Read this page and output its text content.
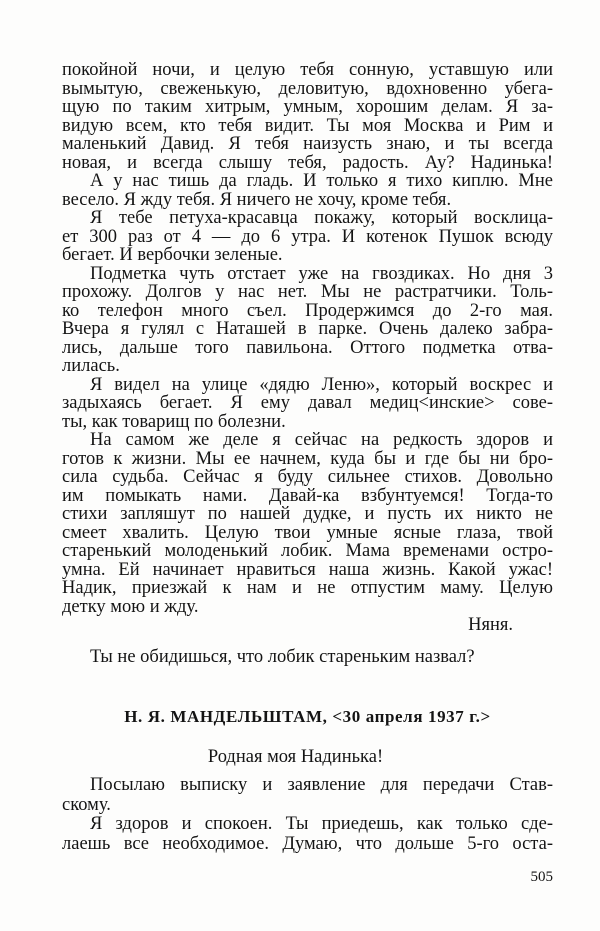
покойной ночи, и целую тебя сонную, уставшую или
вымытую, свеженькую, деловитую, вдохновенно убега-
щую по таким хитрым, умным, хорошим делам. Я за-
видую всем, кто тебя видит. Ты моя Москва и Рим и
маленький Давид. Я тебя наизусть знаю, и ты всегда
новая, и всегда слышу тебя, радость. Ау? Надинька!
А у нас тишь да гладь. И только я тихо киплю. Мне
весело. Я жду тебя. Я ничего не хочу, кроме тебя.
Я тебе петуха-красавца покажу, который восклица-
ет 300 раз от 4 — до 6 утра. И котенок Пушок всюду
бегает. И вербочки зеленые.
Подметка чуть отстает уже на гвоздиках. Но дня 3
прохожу. Долгов у нас нет. Мы не растратчики. Толь-
ко телефон много съел. Продержимся до 2-го мая.
Вчера я гулял с Наташей в парке. Очень далеко забра-
лись, дальше того павильона. Оттого подметка отва-
лилась.
Я видел на улице «дядю Леню», который воскрес и
задыхаясь бегает. Я ему давал медиц<инские> сове-
ты, как товарищ по болезни.
На самом же деле я сейчас на редкость здоров и
готов к жизни. Мы ее начнем, куда бы и где бы ни бро-
сила судьба. Сейчас я буду сильнее стихов. Довольно
им помыкать нами. Давай-ка взбунтуемся! Тогда-то
стихи запляшут по нашей дудке, и пусть их никто не
смеет хвалить. Целую твои умные ясные глаза, твой
старенький молоденький лобик. Мама временами остро-
умна. Ей начинает нравиться наша жизнь. Какой ужас!
Надик, приезжай к нам и не отпустим маму. Целую
детку мою и жду.
Няня.
Ты не обидишься, что лобик стареньким назвал?
Н. Я. МАНДЕЛЬШТАМ, <30 апреля 1937 г.>
Родная моя Надинька!
Посылаю выписку и заявление для передачи Став-
скому.
Я здоров и спокоен. Ты приедешь, как только сде-
лаешь все необходимое. Думаю, что дольше 5-го оста-
505
